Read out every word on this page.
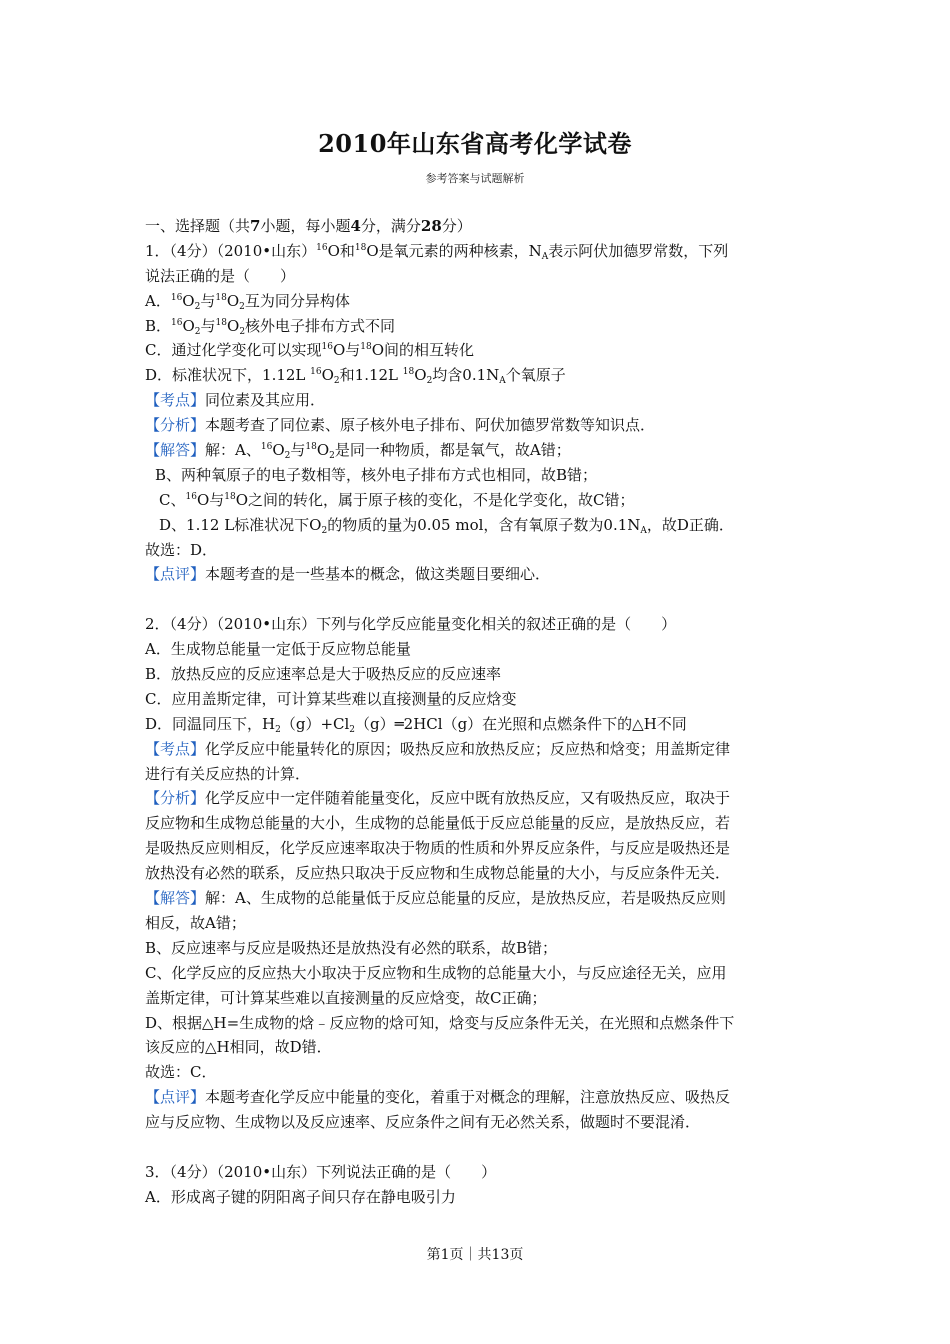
2010年山东省高考化学试卷
参考答案与试题解析
一、选择题（共7小题，每小题4分，满分28分）
1．（4分）（2010•山东）$^{16}$O和$^{18}$O是氧元素的两种核素，$N_A$表示阿伏加德罗常数，下列
说法正确的是（　　）
A．$^{16}O_2$与$^{18}O_2$互为同分异构体
B．$^{16}O_2$与$^{18}O_2$核外电子排布方式不同
C．通过化学变化可以实现$^{16}$O与$^{18}$O间的相互转化
D．标准状况下，1.12L $^{16}O_2$和1.12L $^{18}O_2$均含$0.1N_A$个氧原子
【考点】同位素及其应用．
【分析】本题考查了同位素、原子核外电子排布、阿伏加德罗常数等知识点．
【解答】解：A、$^{16}O_2$与$^{18}O_2$是同一种物质，都是氧气，故A错；
B、两种氧原子的电子数相等，核外电子排布方式也相同，故B错；
C、$^{16}$O与$^{18}$O之间的转化，属于原子核的变化，不是化学变化，故C错；
D、1.12 L标准状况下$O_2$的物质的量为0.05 mol，含有氧原子数为$0.1N_A$，故D正确．
故选：D．
【点评】本题考查的是一些基本的概念，做这类题目要细心．
2．（4分）（2010•山东）下列与化学反应能量变化相关的叙述正确的是（　　）
A．生成物总能量一定低于反应物总能量
B．放热反应的反应速率总是大于吸热反应的反应速率
C．应用盖斯定律，可计算某些难以直接测量的反应焓变
D．同温同压下，$H_2(g)+Cl_2(g)═2HCl(g)$在光照和点燃条件下的△H不同
【考点】化学反应中能量转化的原因；吸热反应和放热反应；反应热和焓变；用盖斯定律
进行有关反应热的计算．
【分析】化学反应中一定伴随着能量变化，反应中既有放热反应，又有吸热反应，取决于
反应物和生成物总能量的大小，生成物的总能量低于反应总能量的反应，是放热反应，若
是吸热反应则相反，化学反应速率取决于物质的性质和外界反应条件，与反应是吸热还是
放热没有必然的联系，反应热只取决于反应物和生成物总能量的大小，与反应条件无关．
【解答】解：A、生成物的总能量低于反应总能量的反应，是放热反应，若是吸热反应则
相反，故A错；
B、反应速率与反应是吸热还是放热没有必然的联系，故B错；
C、化学反应的反应热大小取决于反应物和生成物的总能量大小，与反应途径无关，应用
盖斯定律，可计算某些难以直接测量的反应焓变，故C正确；
D、根据△H=生成物的焓﹣反应物的焓可知，焓变与反应条件无关，在光照和点燃条件下
该反应的△H相同，故D错．
故选：C．
【点评】本题考查化学反应中能量的变化，着重于对概念的理解，注意放热反应、吸热反
应与反应物、生成物以及反应速率、反应条件之间有无必然关系，做题时不要混淆．
3．（4分）（2010•山东）下列说法正确的是（　　）
A．形成离子键的阴阳离子间只存在静电吸引力
第1页｜共13页
